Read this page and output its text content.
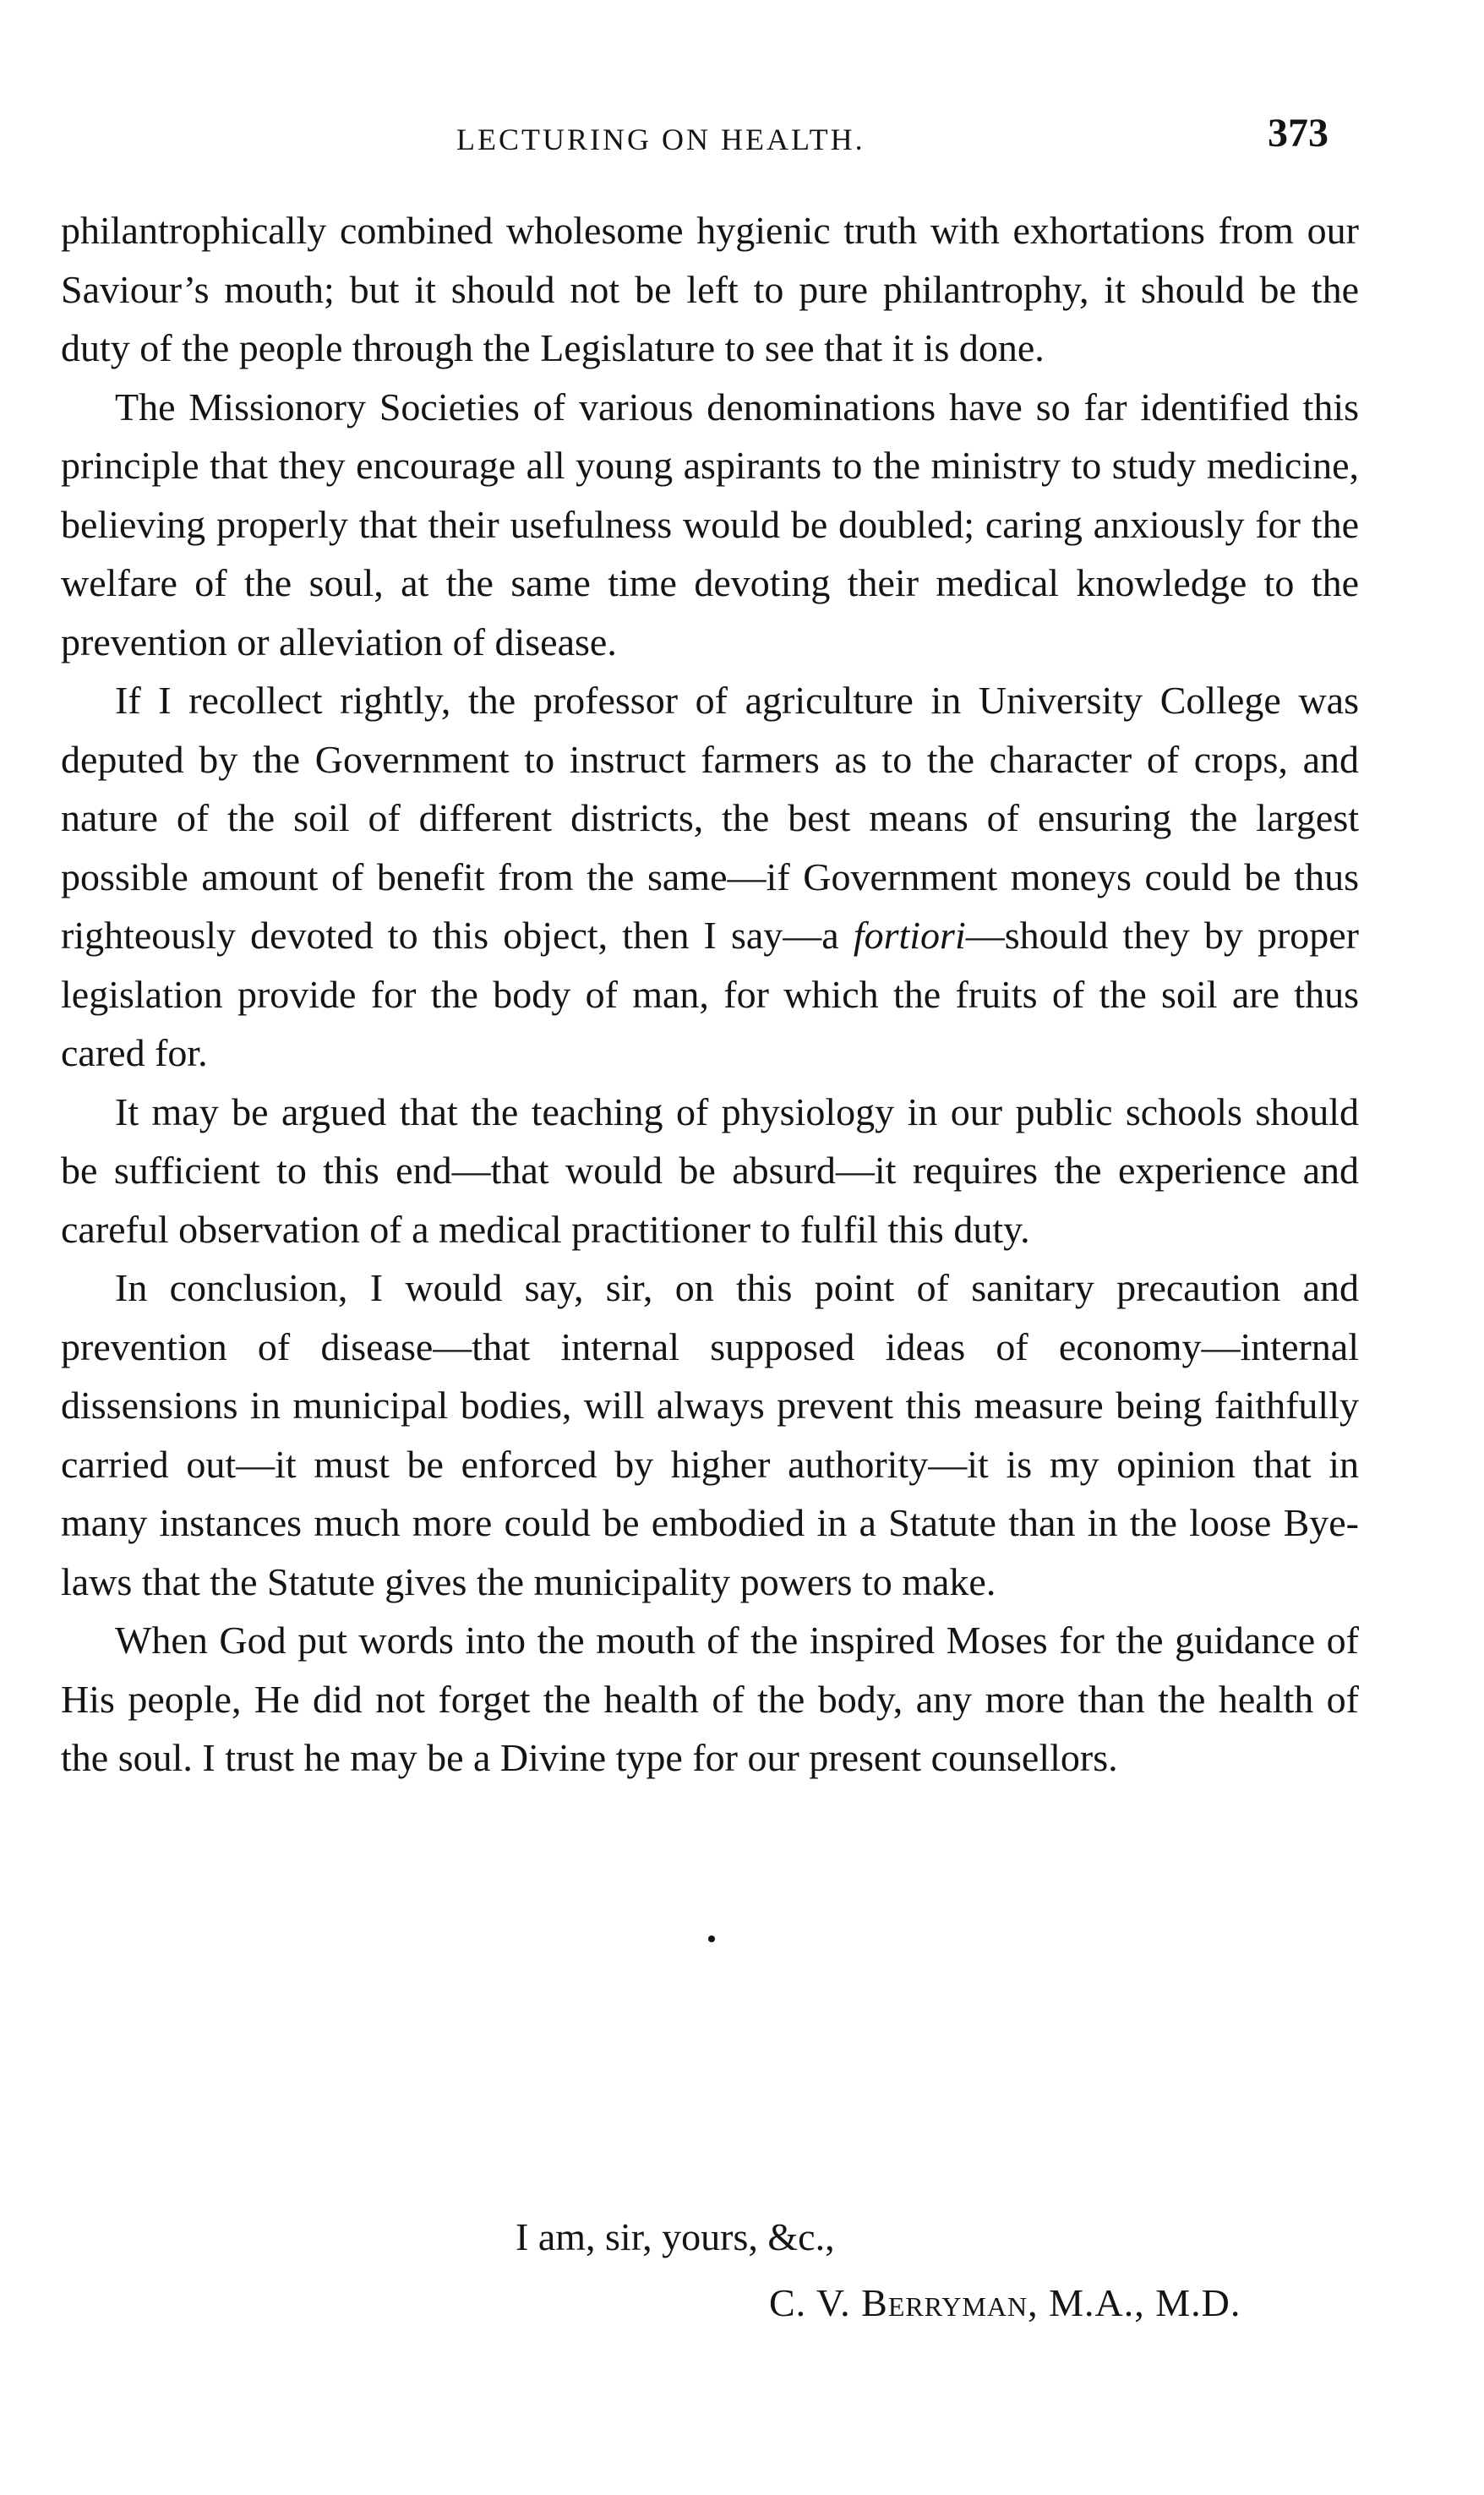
LECTURING ON HEALTH.	373

philantrophically combined wholesome hygienic truth with exhortations from our Saviour’s mouth; but it should not be left to pure philantrophy, it should be the duty of the people through the Legislature to see that it is done.

The Missionory Societies of various denominations have so far identified this principle that they encourage all young aspirants to the ministry to study medicine, believing properly that their usefulness would be doubled; caring anxiously for the welfare of the soul, at the same time devoting their medical knowledge to the prevention or alleviation of disease.

If I recollect rightly, the professor of agriculture in University College was deputed by the Government to instruct farmers as to the character of crops, and nature of the soil of different districts, the best means of ensuring the largest possible amount of benefit from the same—if Government moneys could be thus righteously devoted to this object, then I say—a fortiori—should they by proper legislation provide for the body of man, for which the fruits of the soil are thus cared for.

It may be argued that the teaching of physiology in our public schools should be sufficient to this end—that would be absurd—it requires the experience and careful observation of a medical practitioner to fulfil this duty.

In conclusion, I would say, sir, on this point of sanitary precaution and prevention of disease—that internal supposed ideas of economy—internal dissensions in municipal bodies, will always prevent this measure being faithfully carried out—it must be enforced by higher authority—it is my opinion that in many instances much more could be embodied in a Statute than in the loose Bye-laws that the Statute gives the municipality powers to make.

When God put words into the mouth of the inspired Moses for the guidance of His people, He did not forget the health of the body, any more than the health of the soul. I trust he may be a Divine type for our present counsellors.

I am, sir, yours, &c.,
C. V. Berryman, M.A., M.D.
